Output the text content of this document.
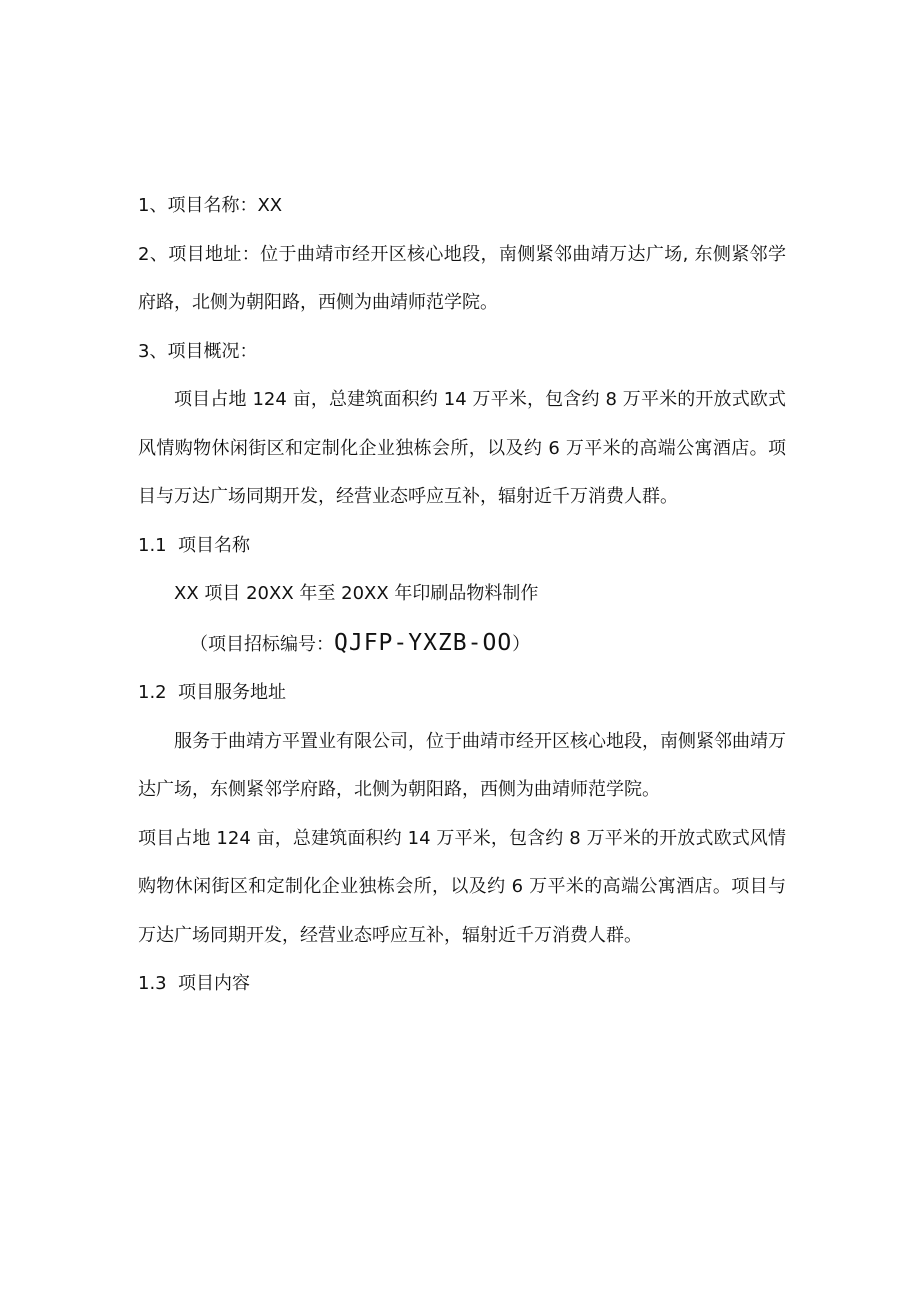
1、项目名称：XX

2、项目地址：位于曲靖市经开区核心地段，南侧紧邻曲靖万达广场, 东侧紧邻学府路，北侧为朝阳路，西侧为曲靖师范学院。

3、项目概况：

项目占地 124 亩，总建筑面积约 14 万平米，包含约 8 万平米的开放式欧式风情购物休闲街区和定制化企业独栋会所，以及约 6 万平米的高端公寓酒店。项目与万达广场同期开发，经营业态呼应互补，辐射近千万消费人群。

1.1 项目名称

XX 项目 20XX 年至 20XX 年印刷品物料制作

（项目招标编号：QJFP-YXZB-OO）

1.2 项目服务地址

服务于曲靖方平置业有限公司，位于曲靖市经开区核心地段，南侧紧邻曲靖万达广场，东侧紧邻学府路，北侧为朝阳路，西侧为曲靖师范学院。

项目占地 124 亩，总建筑面积约 14 万平米，包含约 8 万平米的开放式欧式风情购物休闲街区和定制化企业独栋会所，以及约 6 万平米的高端公寓酒店。项目与万达广场同期开发，经营业态呼应互补，辐射近千万消费人群。

1.3 项目内容
